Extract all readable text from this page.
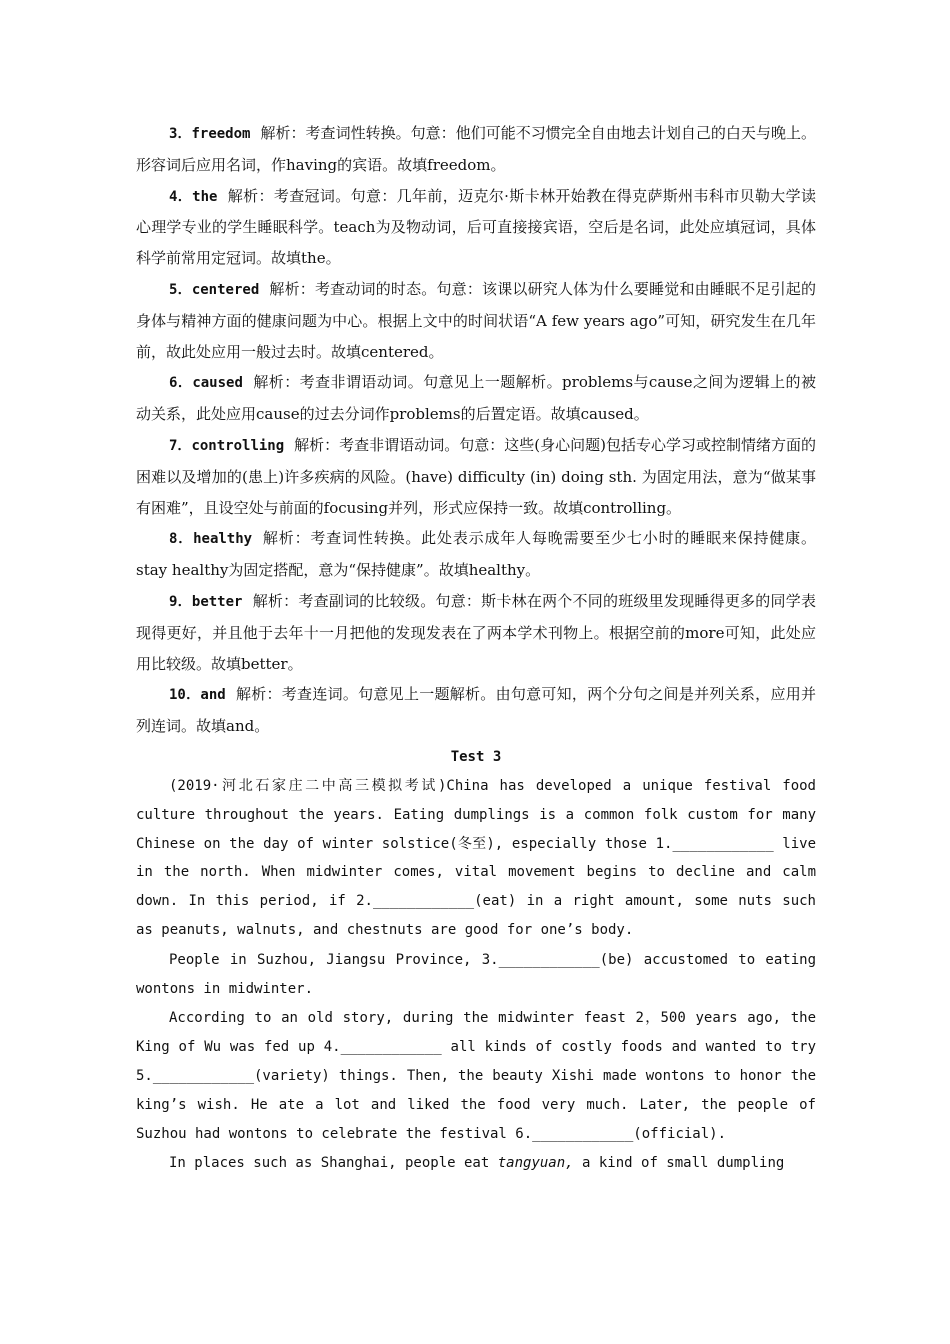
3．freedom 解析：考查词性转换。句意：他们可能不习惯完全自由地去计划自己的白天与晚上。形容词后应用名词，作having的宾语。故填freedom。

4．the 解析：考查冠词。句意：几年前，迈克尔·斯卡林开始教在得克萨斯州韦科市贝勒大学读心理学专业的学生睡眠科学。teach为及物动词，后可直接接宾语，空后是名词，此处应填冠词，具体科学前常用定冠词。故填the。

5．centered 解析：考查动词的时态。句意：该课以研究人体为什么要睡觉和由睡眠不足引起的身体与精神方面的健康问题为中心。根据上文中的时间状语“A few years ago”可知，研究发生在几年前，故此处应用一般过去时。故填centered。

6．caused 解析：考查非谓语动词。句意见上一题解析。problems与cause之间为逻辑上的被动关系，此处应用cause的过去分词作problems的后置定语。故填caused。

7．controlling 解析：考查非谓语动词。句意：这些(身心问题)包括专心学习或控制情绪方面的困难以及增加的(患上)许多疾病的风险。(have) difficulty (in) doing sth. 为固定用法，意为“做某事有困难”，且设空处与前面的focusing并列，形式应保持一致。故填controlling。

8．healthy 解析：考查词性转换。此处表示成年人每晚需要至少七小时的睡眠来保持健康。stay healthy为固定搭配，意为“保持健康”。故填healthy。

9．better 解析：考查副词的比较级。句意：斯卡林在两个不同的班级里发现睡得更多的同学表现得更好，并且他于去年十一月把他的发现发表在了两本学术刊物上。根据空前的more可知，此处应用比较级。故填better。

10．and 解析：考查连词。句意见上一题解析。由句意可知，两个分句之间是并列关系，应用并列连词。故填and。

Test 3

(2019·河北石家庄二中高三模拟考试)China has developed a unique festival food culture throughout the years. Eating dumplings is a common folk custom for many Chinese on the day of winter solstice(冬至), especially those 1.____________ live in the north. When midwinter comes, vital movement begins to decline and calm down. In this period, if 2.____________(eat) in a right amount, some nuts such as peanuts, walnuts, and chestnuts are good for one’s body.

People in Suzhou, Jiangsu Province, 3.____________(be) accustomed to eating wontons in midwinter.

According to an old story, during the midwinter feast 2，500 years ago, the King of Wu was fed up 4.____________ all kinds of costly foods and wanted to try 5.____________(variety) things. Then, the beauty Xishi made wontons to honor the king’s wish. He ate a lot and liked the food very much. Later, the people of Suzhou had wontons to celebrate the festival 6.____________(official).

In places such as Shanghai, people eat tangyuan, a kind of small dumpling
